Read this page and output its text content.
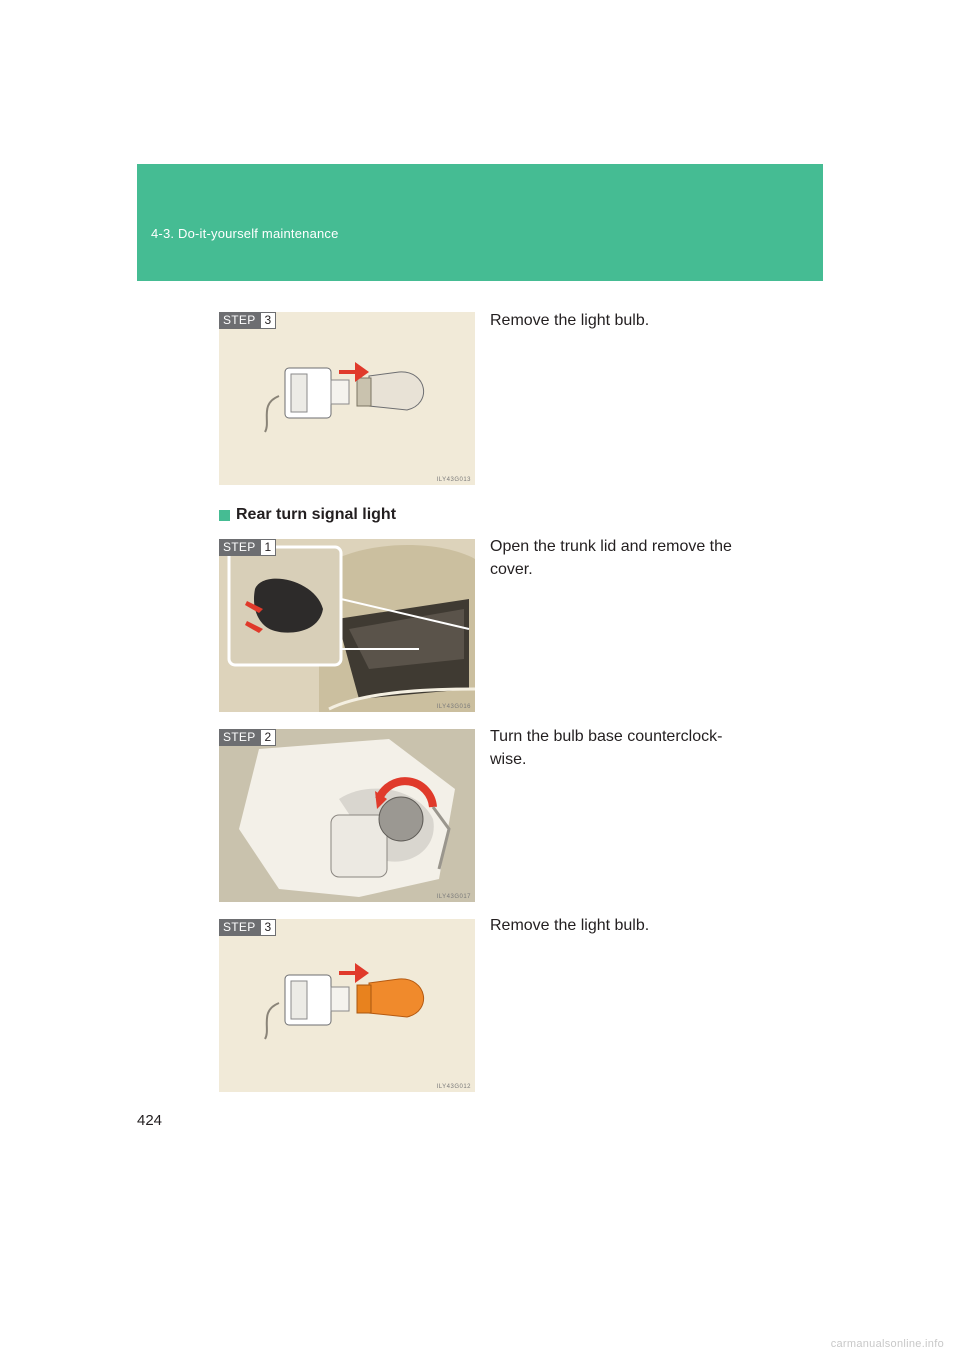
4-3. Do-it-yourself maintenance
STEP 3
ILY43G013
Remove the light bulb.
Rear turn signal light
STEP 1
ILY43G016
Open the trunk lid and remove the cover.
STEP 2
ILY43G017
Turn the bulb base counterclock-wise.
STEP 3
ILY43G012
Remove the light bulb.
424
carmanualsonline.info
